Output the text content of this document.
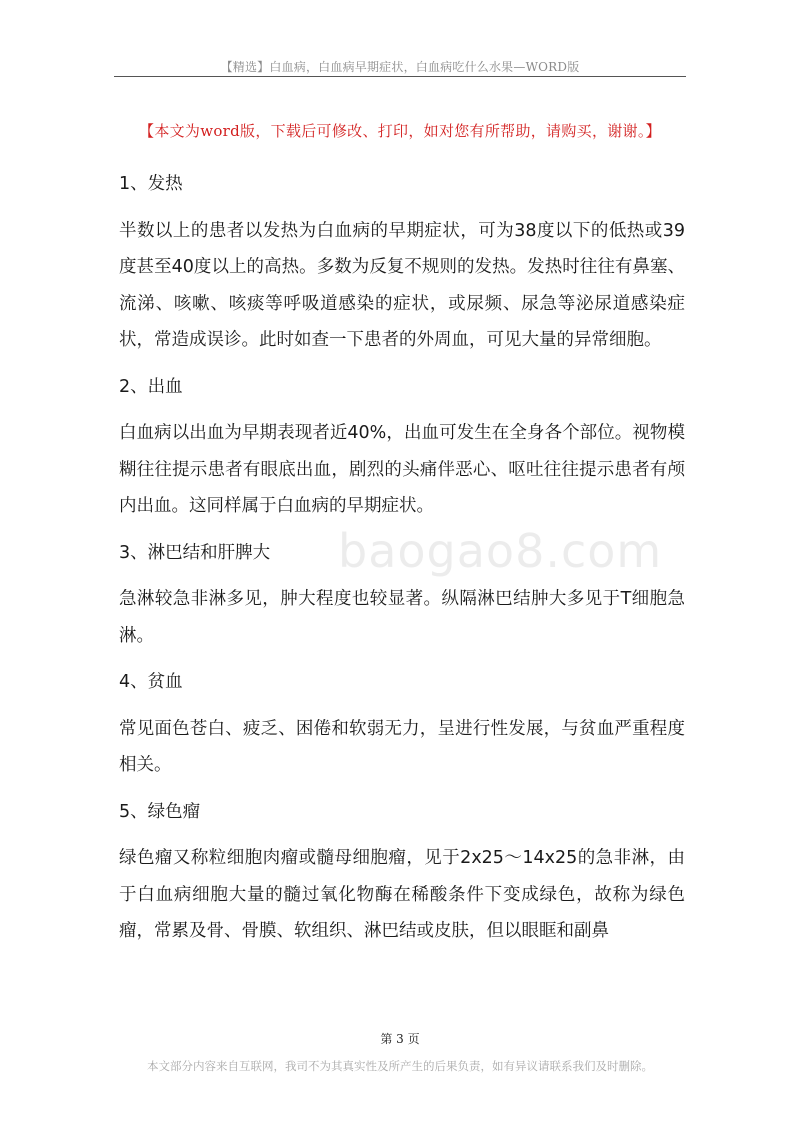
【精选】白血病，白血病早期症状，白血病吃什么水果—WORD版
【本文为word版，下载后可修改、打印，如对您有所帮助，请购买，谢谢。】
baogao8.com
1、发热
半数以上的患者以发热为白血病的早期症状，可为38度以下的低热或39度甚至40度以上的高热。多数为反复不规则的发热。发热时往往有鼻塞、流涕、咳嗽、咳痰等呼吸道感染的症状，或尿频、尿急等泌尿道感染症状，常造成误诊。此时如查一下患者的外周血，可见大量的异常细胞。
2、出血
白血病以出血为早期表现者近40%，出血可发生在全身各个部位。视物模糊往往提示患者有眼底出血，剧烈的头痛伴恶心、呕吐往往提示患者有颅内出血。这同样属于白血病的早期症状。
3、淋巴结和肝脾大
急淋较急非淋多见，肿大程度也较显著。纵隔淋巴结肿大多见于T细胞急淋。
4、贫血
常见面色苍白、疲乏、困倦和软弱无力，呈进行性发展，与贫血严重程度相关。
5、绿色瘤
绿色瘤又称粒细胞肉瘤或髓母细胞瘤，见于2x25～14x25的急非淋，由于白血病细胞大量的髓过氧化物酶在稀酸条件下变成绿色，故称为绿色瘤，常累及骨、骨膜、软组织、淋巴结或皮肤，但以眼眶和副鼻
第 3 页
本文部分内容来自互联网，我司不为其真实性及所产生的后果负责，如有异议请联系我们及时删除。
